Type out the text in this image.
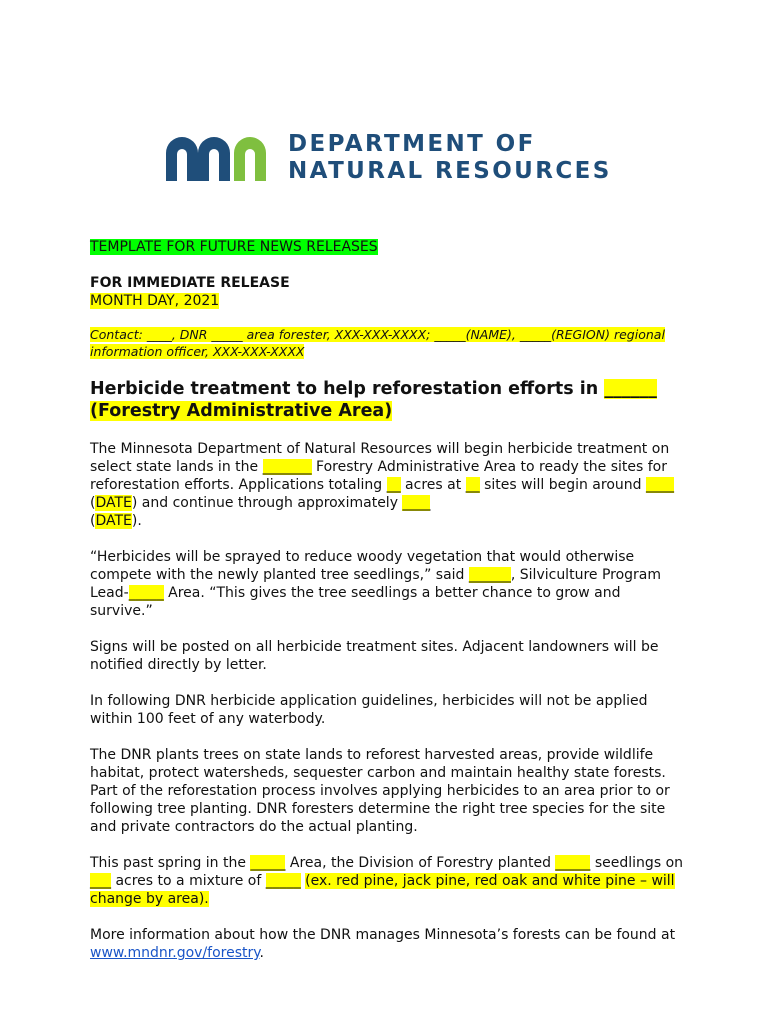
DEPARTMENT OF
NATURAL RESOURCES

TEMPLATE FOR FUTURE NEWS RELEASES

FOR IMMEDIATE RELEASE

MONTH DAY, 2021

Contact: ____, DNR _____ area forester, XXX-XXX-XXXX; _____(NAME), _____(REGION) regional information officer, XXX-XXX-XXXX

Herbicide treatment to help reforestation efforts in ______
(Forestry Administrative Area)

The Minnesota Department of Natural Resources will begin herbicide treatment on select state lands in the _______ Forestry Administrative Area to ready the sites for reforestation efforts. Applications totaling __ acres at __ sites will begin around ____ (DATE) and continue through approximately ____
(DATE).

“Herbicides will be sprayed to reduce woody vegetation that would otherwise compete with the newly planted tree seedlings,” said ______, Silviculture Program Lead-_____ Area. “This gives the tree seedlings a better chance to grow and survive.”

Signs will be posted on all herbicide treatment sites. Adjacent landowners will be notified directly by letter.

In following DNR herbicide application guidelines, herbicides will not be applied within 100 feet of any waterbody.

The DNR plants trees on state lands to reforest harvested areas, provide wildlife habitat, protect watersheds, sequester carbon and maintain healthy state forests. Part of the reforestation process involves applying herbicides to an area prior to or following tree planting. DNR foresters determine the right tree species for the site and private contractors do the actual planting.

This past spring in the _____ Area, the Division of Forestry planted _____ seedlings on ___ acres to a mixture of _____ (ex. red pine, jack pine, red oak and white pine – will change by area).

More information about how the DNR manages Minnesota’s forests can be found at www.mndnr.gov/forestry.
